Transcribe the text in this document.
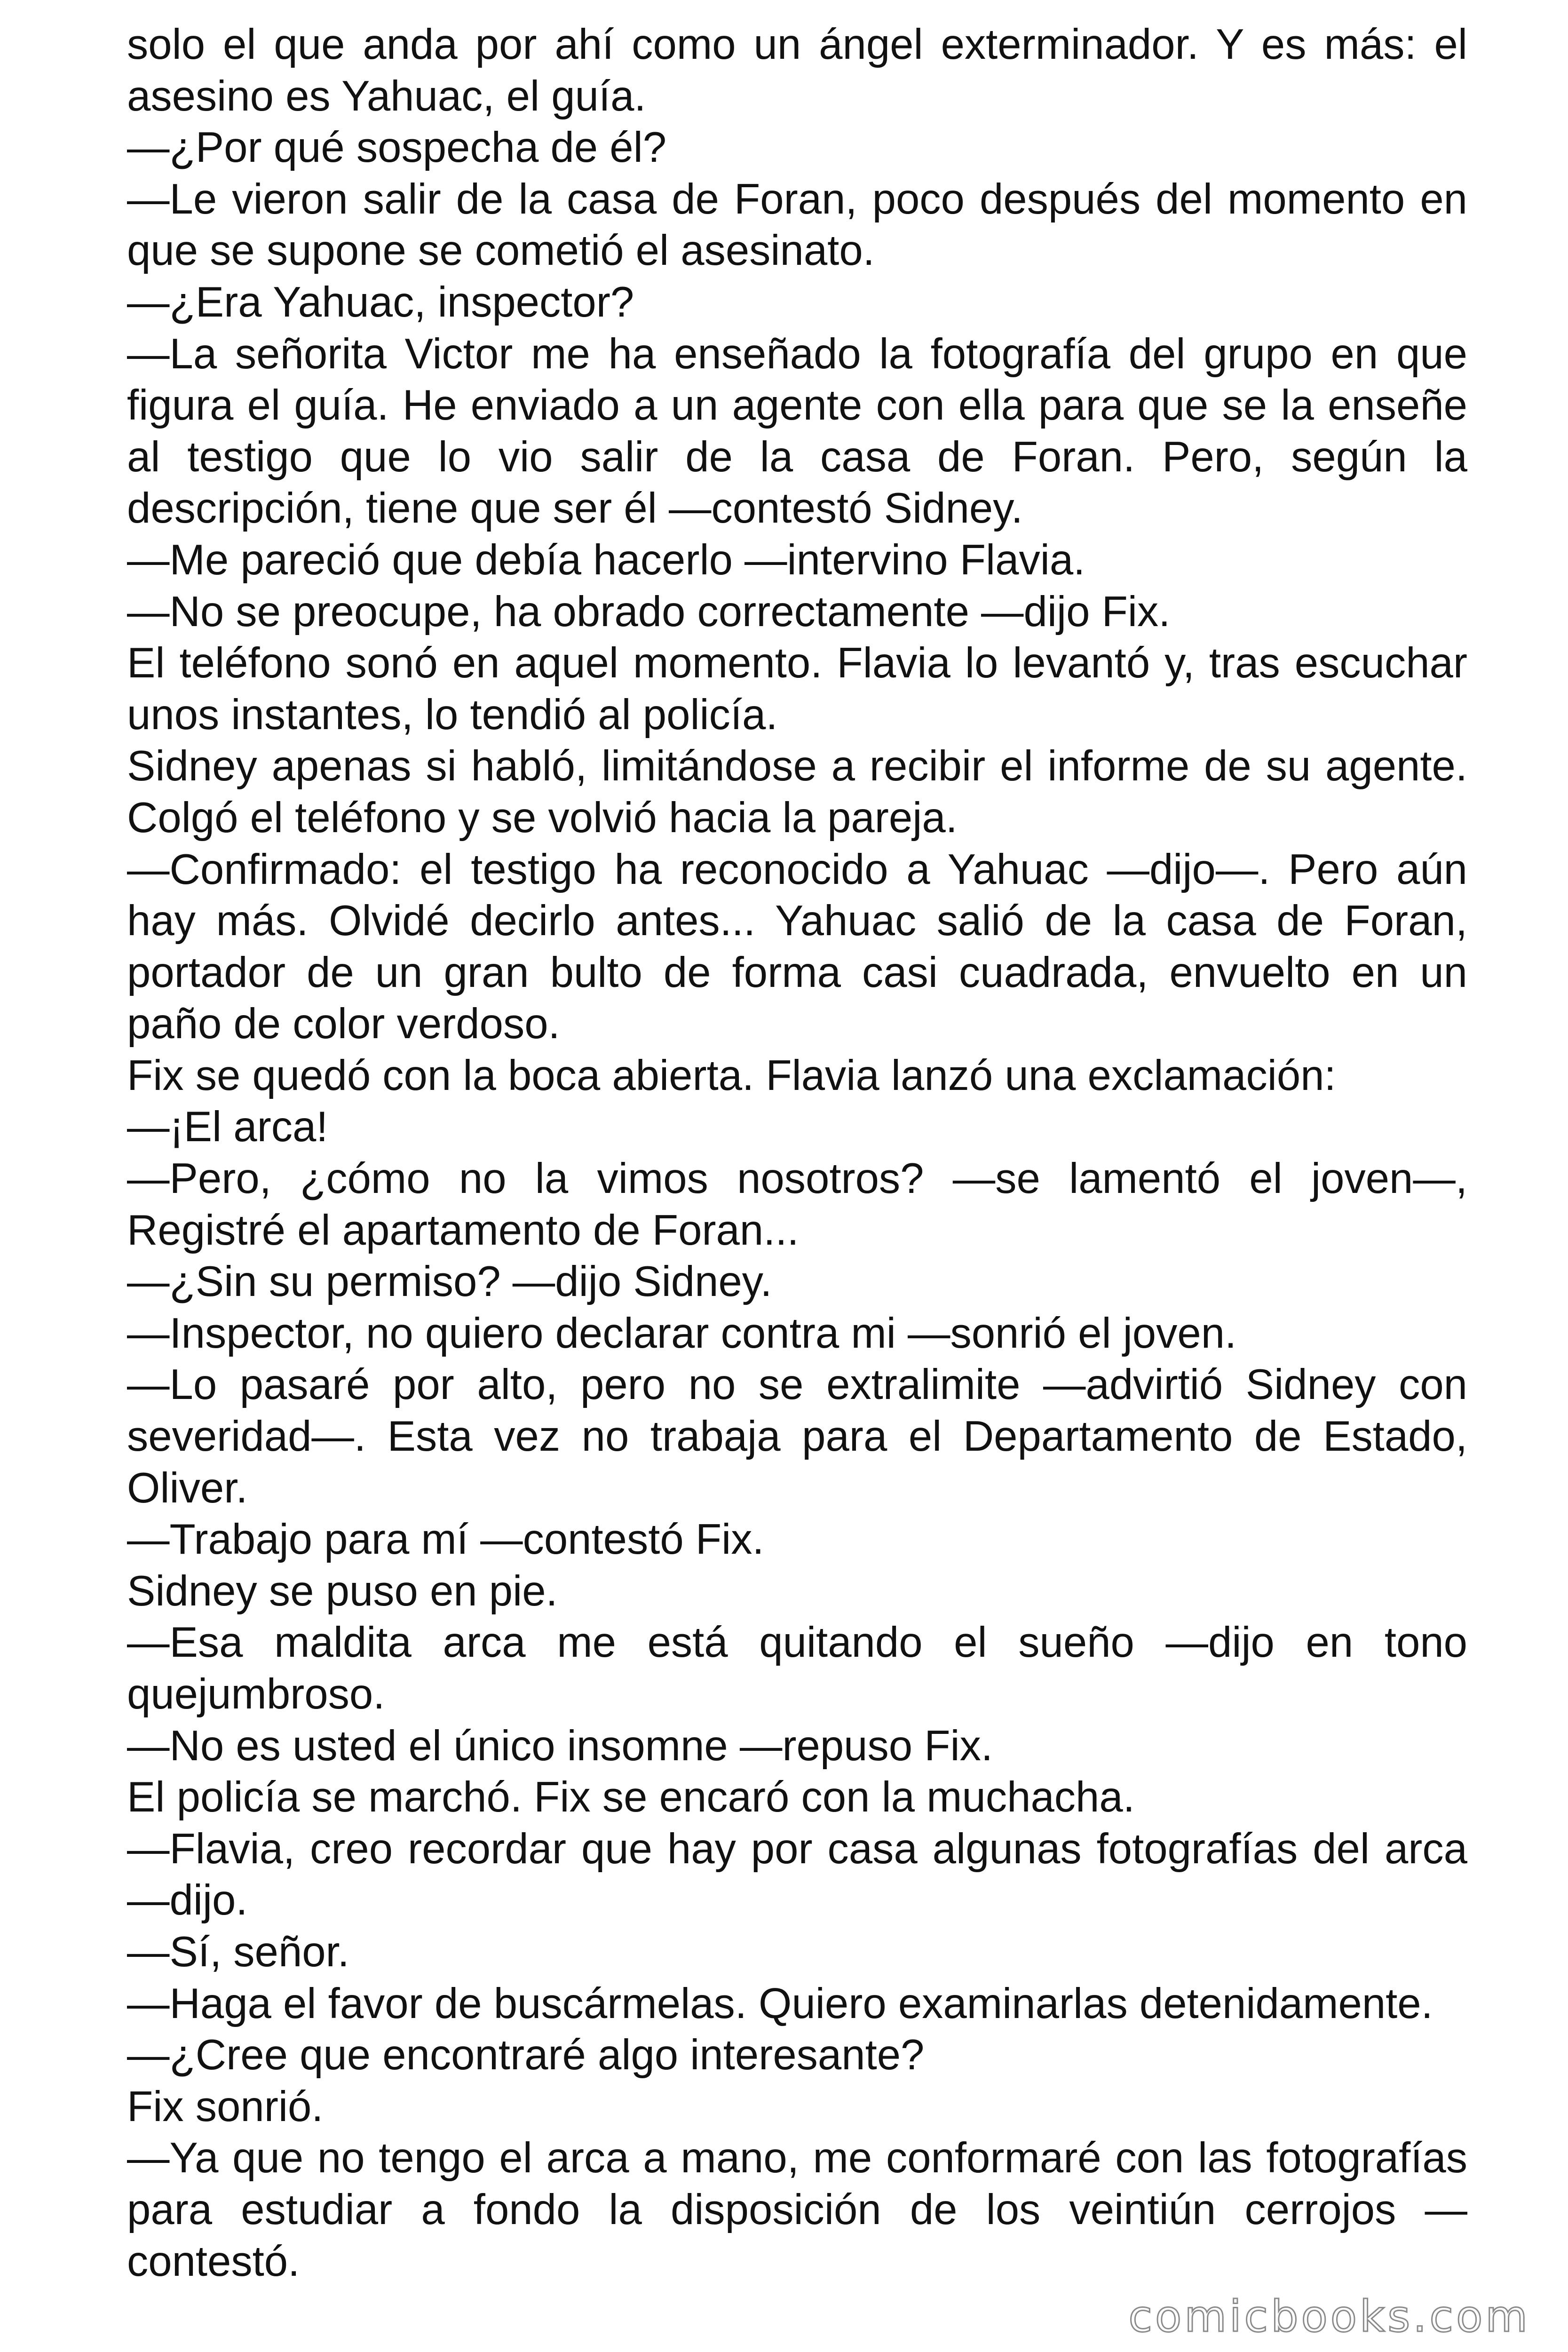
solo el que anda por ahí como un ángel exterminador. Y es más: el asesino es Yahuac, el guía.

—¿Por qué sospecha de él?

—Le vieron salir de la casa de Foran, poco después del momento en que se supone se cometió el asesinato.

—¿Era Yahuac, inspector?

—La señorita Victor me ha enseñado la fotografía del grupo en que figura el guía. He enviado a un agente con ella para que se la enseñe al testigo que lo vio salir de la casa de Foran. Pero, según la descripción, tiene que ser él —contestó Sidney.

—Me pareció que debía hacerlo —intervino Flavia.

—No se preocupe, ha obrado correctamente —dijo Fix.

El teléfono sonó en aquel momento. Flavia lo levantó y, tras escuchar unos instantes, lo tendió al policía.

Sidney apenas si habló, limitándose a recibir el informe de su agente. Colgó el teléfono y se volvió hacia la pareja.

—Confirmado: el testigo ha reconocido a Yahuac —dijo—. Pero aún hay más. Olvidé decirlo antes... Yahuac salió de la casa de Foran, portador de un gran bulto de forma casi cuadrada, envuelto en un paño de color verdoso.

Fix se quedó con la boca abierta. Flavia lanzó una exclamación:

—¡El arca!

—Pero, ¿cómo no la vimos nosotros? —se lamentó el joven—, Registré el apartamento de Foran...

—¿Sin su permiso? —dijo Sidney.

—Inspector, no quiero declarar contra mi —sonrió el joven.

—Lo pasaré por alto, pero no se extralimite —advirtió Sidney con severidad—. Esta vez no trabaja para el Departamento de Estado, Oliver.

—Trabajo para mí —contestó Fix.

Sidney se puso en pie.

—Esa maldita arca me está quitando el sueño —dijo en tono quejumbroso.

—No es usted el único insomne —repuso Fix.

El policía se marchó. Fix se encaró con la muchacha.

—Flavia, creo recordar que hay por casa algunas fotografías del arca —dijo.

—Sí, señor.

—Haga el favor de buscármelas. Quiero examinarlas detenidamente.

—¿Cree que encontraré algo interesante?

Fix sonrió.

—Ya que no tengo el arca a mano, me conformaré con las fotografías para estudiar a fondo la disposición de los veintiún cerrojos —contestó.

comicbooks.com
